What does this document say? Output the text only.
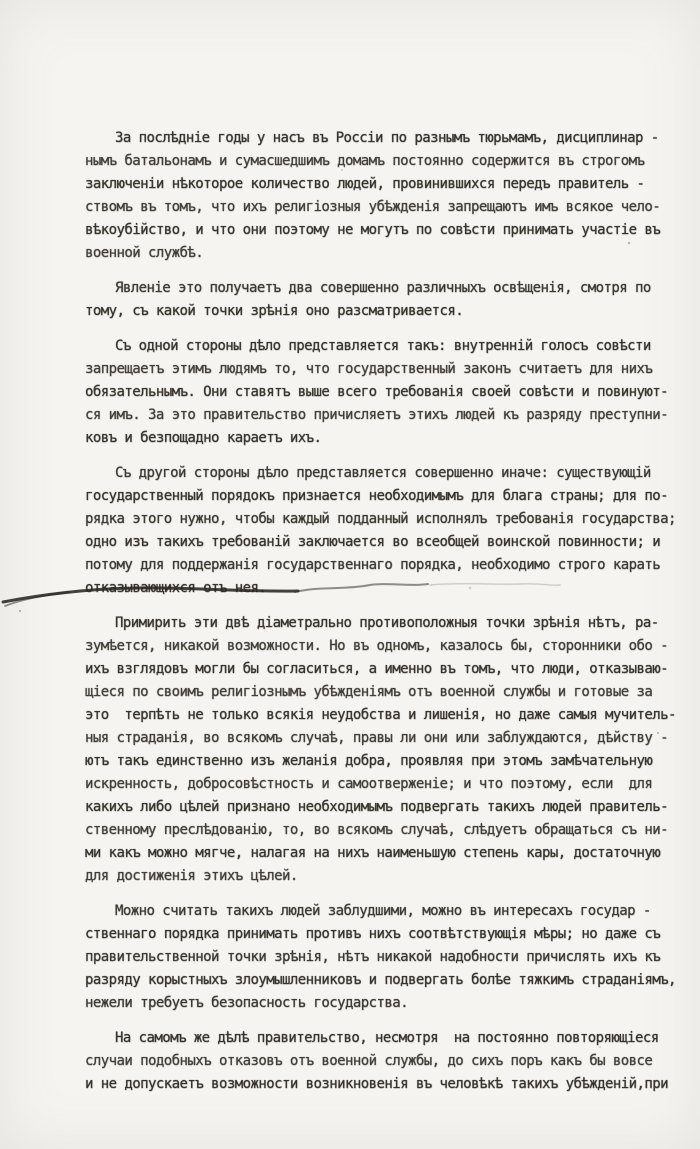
За послѣдніе годы у насъ въ Россіи по разнымъ тюрьмамъ, дисциплинар -
нымъ батальонамъ и сумасшедшимъ домамъ постоянно содержится въ строгомъ
заключеніи нѣкоторое количество людей, провинившихся передъ правитель -
ствомъ въ томъ, что ихъ религіозныя убѣжденія запрещаютъ имъ всякое чело-
вѣкоубійство, и что они поэтому не могутъ по совѣсти принимать участіе въ
военной службѣ.
Явленіе это получаетъ два совершенно различныхъ освѣщенія, смотря по
тому, съ какой точки зрѣнія оно разсматривается.
Съ одной стороны дѣло представляется такъ: внутренній голосъ совѣсти
запрещаетъ этимъ людямъ то, что государственный законъ считаетъ для нихъ
обязательнымъ. Они ставятъ выше всего требованія своей совѣсти и повинуют-
ся имъ. За это правительство причисляетъ этихъ людей къ разряду преступни-
ковъ и безпощадно караетъ ихъ.
Съ другой стороны дѣло представляется совершенно иначе: существующій
государственный порядокъ признается необходимымъ для блага страны; для по-
рядка этого нужно, чтобы каждый подданный исполнялъ требованія государства;
одно изъ такихъ требованій заключается во всеобщей воинской повинности; и
потому для поддержанія государственнаго порядка, необходимо строго карать
отказывающихся отъ нея.
Примирить эти двѣ діаметрально противоположныя точки зрѣнія нѣтъ, ра-
зумѣется, никакой возможности. Но въ одномъ, казалось бы, сторонники обо -
ихъ взглядовъ могли бы согласиться, а именно въ томъ, что люди, отказываю-
щіеся по своимъ религіознымъ убѣжденіямъ отъ военной службы и готовые за
это  терпѣть не только всякія неудобства и лишенія, но даже самыя мучитель-
ныя страданія, во всякомъ случаѣ, правы ли они или заблуждаются, дѣйству -
ютъ такъ единственно изъ желанія добра, проявляя при этомъ замѣчательную
искренность, добросовѣстность и самоотверженіе; и что поэтому, если  для
какихъ либо цѣлей признано необходимымъ подвергать такихъ людей правитель-
ственному преслѣдованію, то, во всякомъ случаѣ, слѣдуетъ обращаться съ ни-
ми какъ можно мягче, налагая на нихъ наименьшую степень кары, достаточную
для достиженія этихъ цѣлей.
Можно считать такихъ людей заблудшими, можно въ интересахъ государ -
ственнаго порядка принимать противъ нихъ соотвѣтствующія мѣры; но даже съ
правительственной точки зрѣнія, нѣтъ никакой надобности причислять ихъ къ
разряду корыстныхъ злоумышленниковъ и подвергать болѣе тяжкимъ страданіямъ,
нежели требуетъ безопасность государства.
На самомъ же дѣлѣ правительство, несмотря  на постоянно повторяющіеся
случаи подобныхъ отказовъ отъ военной службы, до сихъ поръ какъ бы вовсе
и не допускаетъ возможности возникновенія въ человѣкѣ такихъ убѣжденій,при
